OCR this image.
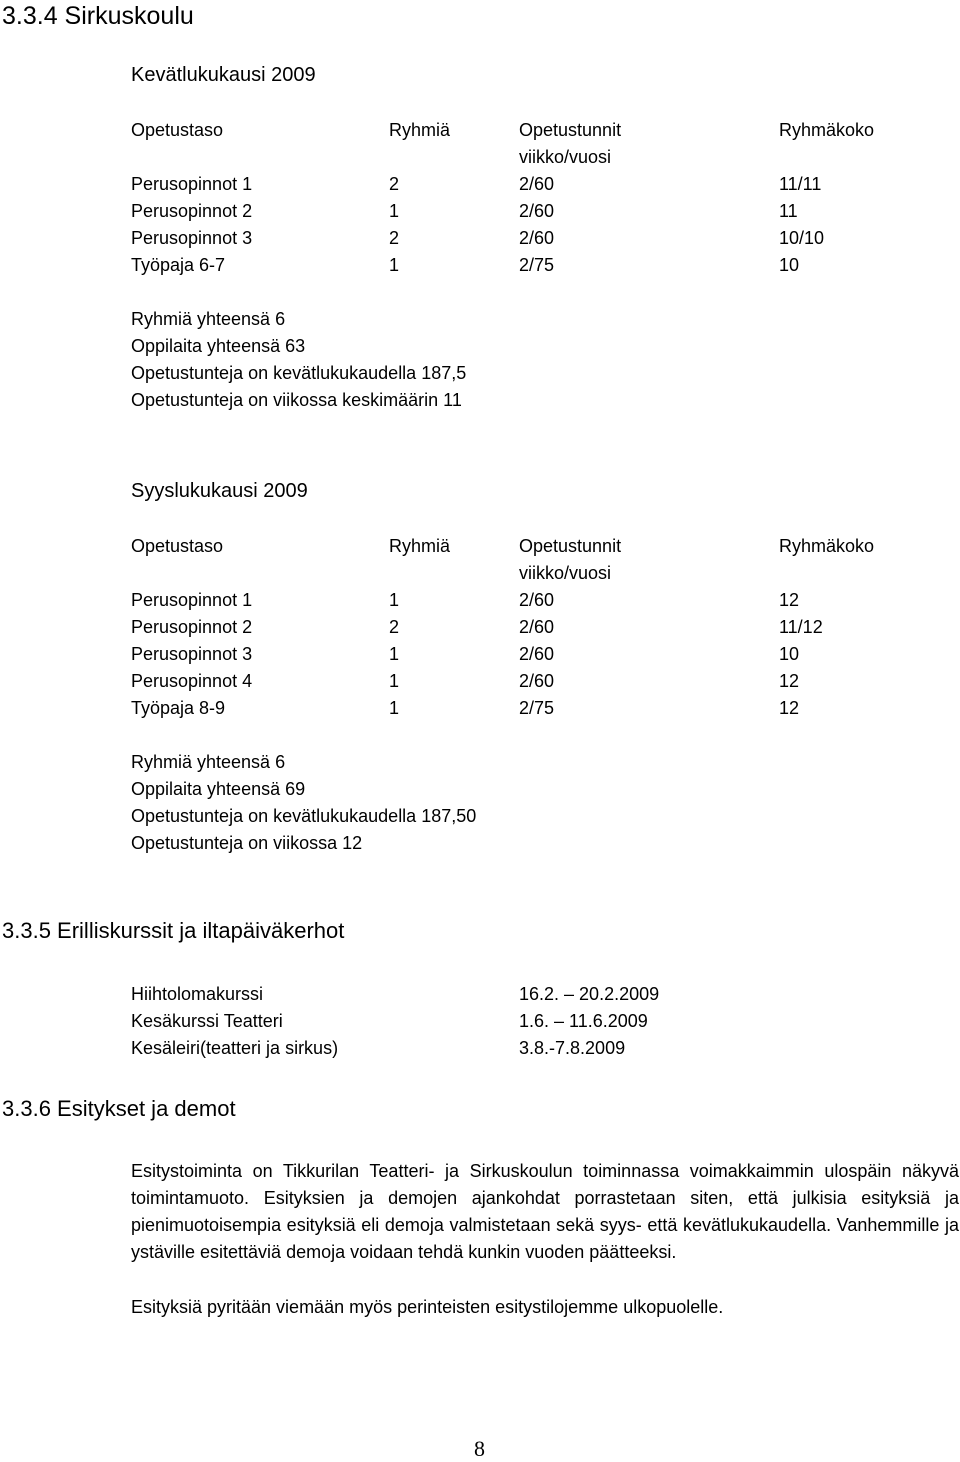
3.3.4 Sirkuskoulu
Kevätlukukausi 2009
Opetustaso	Ryhmiä	Opetustunnit	Ryhmäkoko
viikko/vuosi
Perusopinnot 1	2	2/60	11/11
Perusopinnot 2	1	2/60	11
Perusopinnot 3	2	2/60	10/10
Työpaja 6-7	1	2/75	10
Ryhmiä yhteensä 6
Oppilaita yhteensä 63
Opetustunteja on kevätlukukaudella 187,5
Opetustunteja on viikossa keskimäärin 11
Syyslukukausi 2009
Opetustaso	Ryhmiä	Opetustunnit	Ryhmäkoko
viikko/vuosi
Perusopinnot 1	1	2/60	12
Perusopinnot 2	2	2/60	11/12
Perusopinnot 3	1	2/60	10
Perusopinnot 4	1	2/60	12
Työpaja 8-9	1	2/75	12
Ryhmiä yhteensä 6
Oppilaita yhteensä 69
Opetustunteja on kevätlukukaudella 187,50
Opetustunteja on viikossa 12
3.3.5 Erilliskurssit ja iltapäiväkerhot
Hiihtolomakurssi	16.2. – 20.2.2009
Kesäkurssi Teatteri	1.6. – 11.6.2009
Kesäleiri(teatteri ja sirkus)	3.8.-7.8.2009
3.3.6 Esitykset ja demot
Esitystoiminta on Tikkurilan Teatteri- ja Sirkuskoulun toiminnassa voimakkaimmin ulospäin näkyvä toimintamuoto. Esityksien ja demojen ajankohdat porrastetaan siten, että julkisia esityksiä ja pienimuotoisempia esityksiä eli demoja valmistetaan sekä syys- että kevätlukukaudella. Vanhemmille ja ystäville esitettäviä demoja voidaan tehdä kunkin vuoden päätteeksi.
Esityksiä pyritään viemään myös perinteisten esitystilojemme ulkopuolelle.
8
